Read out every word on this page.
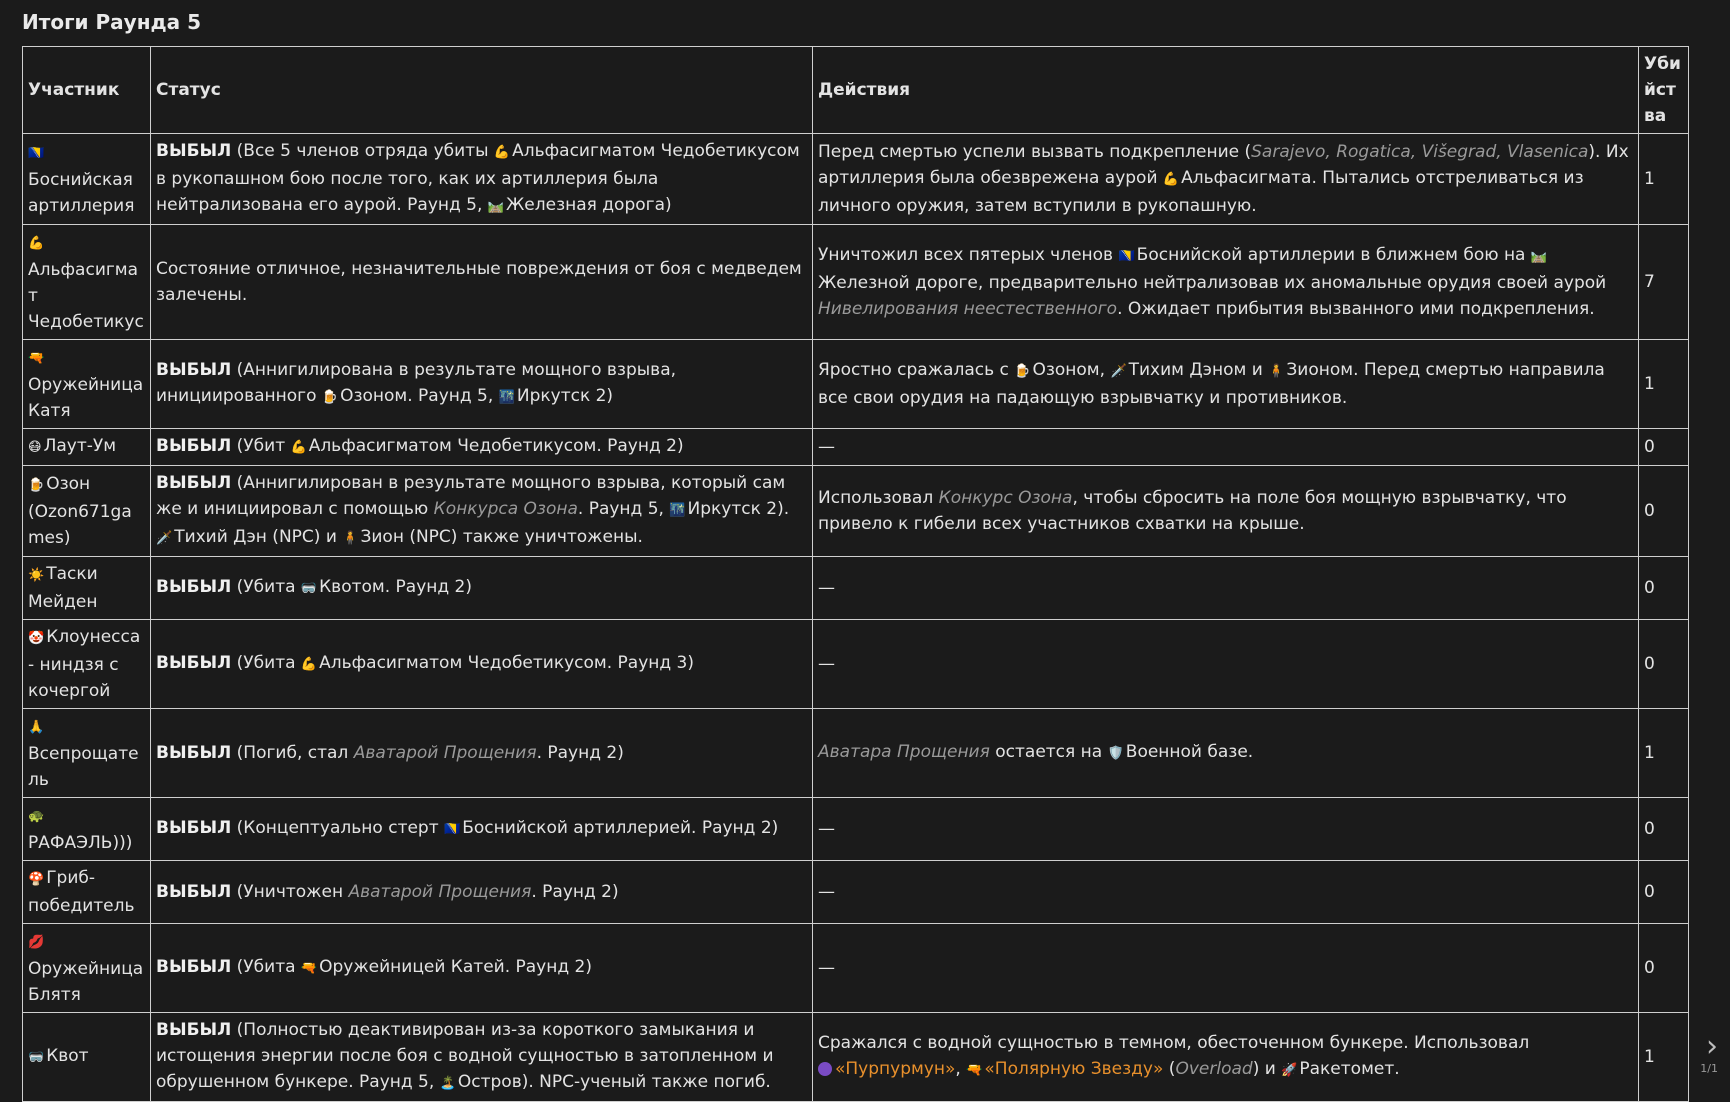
Итоги Раунда 5
Участник	Статус	Действия	Убийства
🇧🇦Боснийская артиллерия	ВЫБЫЛ (Все 5 членов отряда убиты 💪 Альфасигматом Чедобетикусом в рукопашном бою после того, как их артиллерия была нейтрализована его аурой. Раунд 5, 🛤️ Железная дорога)	Перед смертью успели вызвать подкрепление (Sarajevo, Rogatica, Višegrad, Vlasenica). Их артиллерия была обезврежена аурой 💪 Альфасигмата. Пытались отстреливаться из личного оружия, затем вступили в рукопашную.	1
💪
Альфасигмат Чедобетикус	Состояние отличное, незначительные повреждения от боя с медведем залечены.	Уничтожил всех пятерых членов 🇧🇦 Боснийской артиллерии в ближнем бою на 🛤️Железной дороге, предварительно нейтрализовав их аномальные орудия своей аурой Нивелирования неестественного. Ожидает прибытия вызванного ими подкрепления.	7
🔫
Оружейница Катя	ВЫБЫЛ (Аннигилирована в результате мощного взрыва, инициированного 🍺 Озоном. Раунд 5, 🌃 Иркутск 2)	Яростно сражалась с 🍺 Озоном, 🗡️ Тихим Дэном и 🧍 Зионом. Перед смертью направила все свои орудия на падающую взрывчатку и противников.	1
😷 Лаут-Ум	ВЫБЫЛ (Убит 💪 Альфасигматом Чедобетикусом. Раунд 2)	—	0
🍺 Озон (Ozon671games)	ВЫБЫЛ (Аннигилирован в результате мощного взрыва, который сам же и инициировал с помощью Конкурса Озона. Раунд 5, 🌃 Иркутск 2). 🗡️ Тихий Дэн (NPC) и 🧍 Зион (NPC) также уничтожены.	Использовал Конкурс Озона, чтобы сбросить на поле боя мощную взрывчатку, что привело к гибели всех участников схватки на крыше.	0
☀️ Таски Мейден	ВЫБЫЛ (Убита 🥽 Квотом. Раунд 2)	—	0
🤡 Клоунесса - ниндзя с кочергой	ВЫБЫЛ (Убита 💪 Альфасигматом Чедобетикусом. Раунд 3)	—	0
🙏
Всепрощатель	ВЫБЫЛ (Погиб, стал Аватарой Прощения. Раунд 2)	Аватара Прощения остается на 🛡️ Военной базе.	1
🐢
РАФАЭЛЬ)))	ВЫБЫЛ (Концептуально стерт 🇧🇦 Боснийской артиллерией. Раунд 2)	—	0
🍄 Гриб-победитель	ВЫБЫЛ (Уничтожен Аватарой Прощения. Раунд 2)	—	0
💋
Оружейница Блятя	ВЫБЫЛ (Убита 🔫 Оружейницей Катей. Раунд 2)	—	0
🥽 Квот	ВЫБЫЛ (Полностью деактивирован из-за короткого замыкания и истощения энергии после боя с водной сущностью в затопленном и обрушенном бункере. Раунд 5, 🏝️ Остров). NPC-ученый также погиб.	Сражался с водной сущностью в темном, обесточенном бункере. Использовал
«Пурпурмун», 🔫 «Полярную Звезду» (Overload) и 🚀 Ракетомет.	1 ›
1/1
